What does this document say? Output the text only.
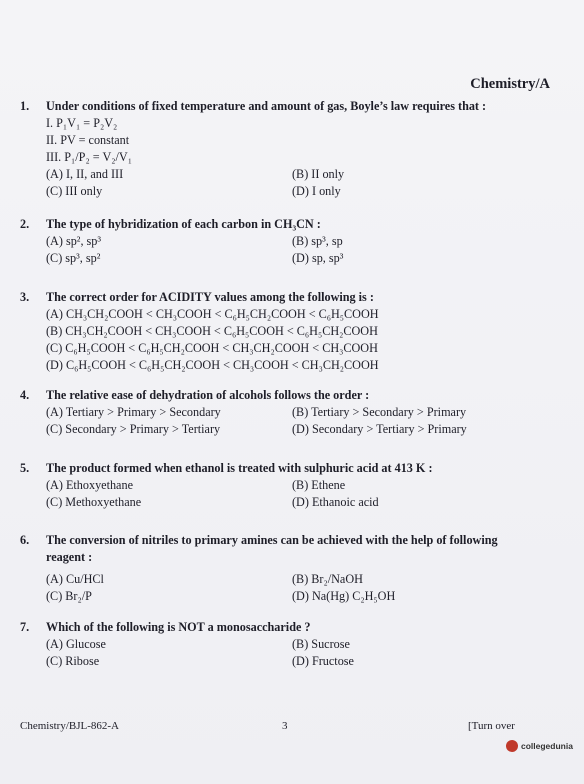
Chemistry/A
1. Under conditions of fixed temperature and amount of gas, Boyle’s law requires that :
I. P₁V₁ = P₂V₂
II. PV = constant
III. P₁/P₂ = V₂/V₁
(A) I, II, and III	(B) II only
(C) III only	(D) I only
2. The type of hybridization of each carbon in CH₃CN :
(A) sp², sp³	(B) sp³, sp
(C) sp³, sp²	(D) sp, sp³
3. The correct order for ACIDITY values among the following is :
(A) CH₃CH₂COOH < CH₃COOH < C₆H₅CH₂COOH < C₆H₅COOH
(B) CH₃CH₂COOH < CH₃COOH < C₆H₅COOH < C₆H₅CH₂COOH
(C) C₆H₅COOH < C₆H₅CH₂COOH < CH₃CH₂COOH < CH₃COOH
(D) C₆H₅COOH < C₆H₅CH₂COOH < CH₃COOH < CH₃CH₂COOH
4. The relative ease of dehydration of alcohols follows the order :
(A) Tertiary > Primary > Secondary	(B) Tertiary > Secondary > Primary
(C) Secondary > Primary > Tertiary	(D) Secondary > Tertiary > Primary
5. The product formed when ethanol is treated with sulphuric acid at 413 K :
(A) Ethoxyethane	(B) Ethene
(C) Methoxyethane	(D) Ethanoic acid
6. The conversion of nitriles to primary amines can be achieved with the help of following
reagent :
(A) Cu/HCl	(B) Br₂/NaOH
(C) Br₂/P	(D) Na(Hg) C₂H₅OH
7. Which of the following is NOT a monosaccharide ?
(A) Glucose	(B) Sucrose
(C) Ribose	(D) Fructose
Chemistry/BJL-862-A	3	[Turn over
collegedunia
